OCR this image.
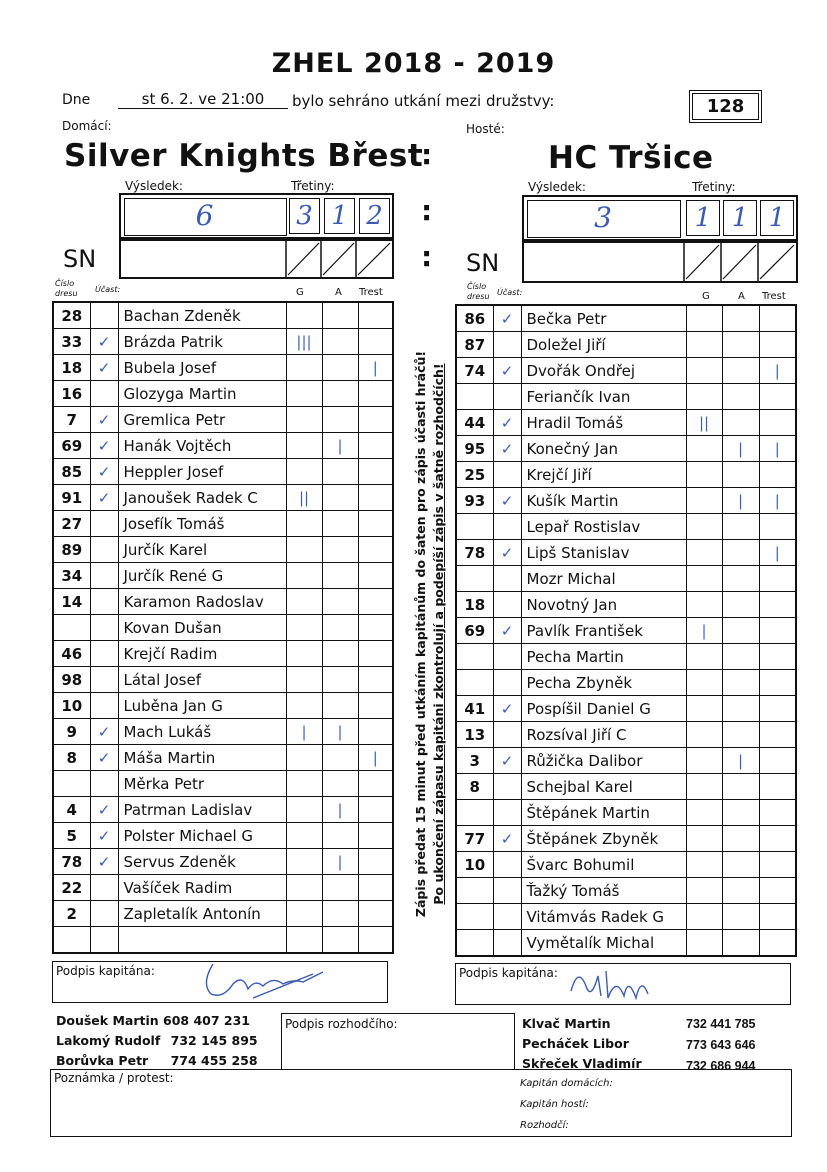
ZHEL 2018 - 2019
Dne	st 6. 2. ve 21:00	bylo sehráno utkání mezi družstvy:	128
Domácí:	Hosté:
Silver Knights Břest
:	HC Tršice
Výsledek:	Třetiny:
6	3 1 2 :
Výsledek:	Třetiny:
3	1 1 1
SN	: SN
Číslo dresu	Účast:	G	A Trest
Číslo dresu Účast:	G	A Trest
28		Bachan Zdeněk			
33	✓	Brázda Patrik	|||		
18	✓	Bubela Josef			|
16		Glozyga Martin			
7	✓	Gremlica Petr			
69	✓	Hanák Vojtěch		|	
85	✓	Heppler Josef			
91	✓	Janoušek Radek C	||		
27		Josefík Tomáš			
89		Jurčík Karel			
34		Jurčík René G			
14		Karamon Radoslav			
		Kovan Dušan			
46		Krejčí Radim			
98		Látal Josef			
10		Luběna Jan G			
9	✓	Mach Lukáš	|	|	
8	✓	Máša Martin			|
		Měrka Petr			
4	✓	Patrman Ladislav		|	
5	✓	Polster Michael G			
78	✓	Servus Zdeněk		|	
22		Vašíček Radim			
2		Zapletalík Antonín			

86	✓	Bečka Petr			
87		Doležel Jiří			
74	✓	Dvořák Ondřej			|
		Feriančík Ivan			
44	✓	Hradil Tomáš	||		
95	✓	Konečný Jan		|	|
25		Krejčí Jiří			
93	✓	Kušík Martin		|	|
		Lepař Rostislav			
78	✓	Lipš Stanislav			|
		Mozr Michal			
18		Novotný Jan			
69	✓	Pavlík František	|		
		Pecha Martin			
		Pecha Zbyněk			
41	✓	Pospíšil Daniel G			
13		Rozsíval Jiří C			
3	✓	Růžička Dalibor		|	
8		Schejbal Karel			
		Štěpánek Martin			
77	✓	Štěpánek Zbyněk			
10		Švarc Bohumil			
		Ťažký Tomáš			
		Vitámvás Radek G			
		Vymětalík Michal			
Zápis předat 15 minut před utkáním kapitánům do šaten pro zápis účasti hráčů! Po ukončení zápasu kapitáni zkontrolují a podepíší zápis v šatně rozhodčích!
Podpis kapitána:	Podpis kapitána:
Doušek Martin 608 407 231
Lakomý Rudolf 732 145 895
Borůvka Petr 774 455 258
Podpis rozhodčího:	Klvač Martin
Pecháček Libor
Skřeček Vladimír
732 441 785
773 643 646
732 686 944
Poznámka / protest:	Kapitán domácích:
Kapitán hostí:
Rozhodčí:
